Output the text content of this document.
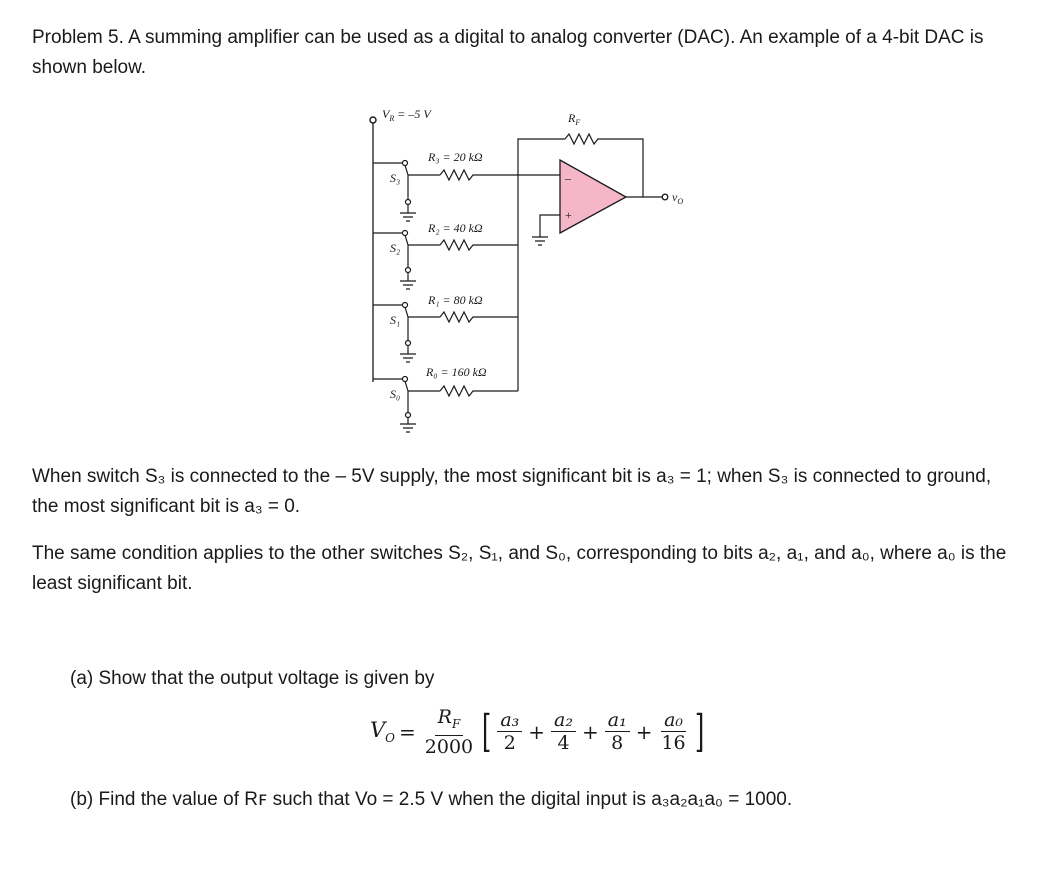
Problem 5. A summing amplifier can be used as a digital to analog converter (DAC). An example of a 4-bit DAC is shown below.

$V_R = -5$ V
S₃
S₂
S₁
S₀
R₃ = 20 kΩ
R₂ = 40 kΩ
R₁ = 80 kΩ
R₀ = 160 kΩ
$R_F$
–
+
$v_O$

When switch S₃ is connected to the – 5V supply, the most significant bit is a₃ = 1; when S₃ is connected to ground, the most significant bit is a₃ = 0.

The same condition applies to the other switches S₂, S₁, and S₀, corresponding to bits a₂, a₁, and a₀, where a₀ is the least significant bit.

(a) Show that the output voltage is given by

$V_O = \frac{R_F}{2000}$ [ $\frac{\text{a₃}}{2} + \frac{\text{a₂}}{4} + \frac{\text{a₁}}{8} + \frac{\text{a₀}}{16}$ ]

(b) Find the value of Rꜰ such that Vo = 2.5 V when the digital input is a₃a₂a₁a₀ = 1000.
